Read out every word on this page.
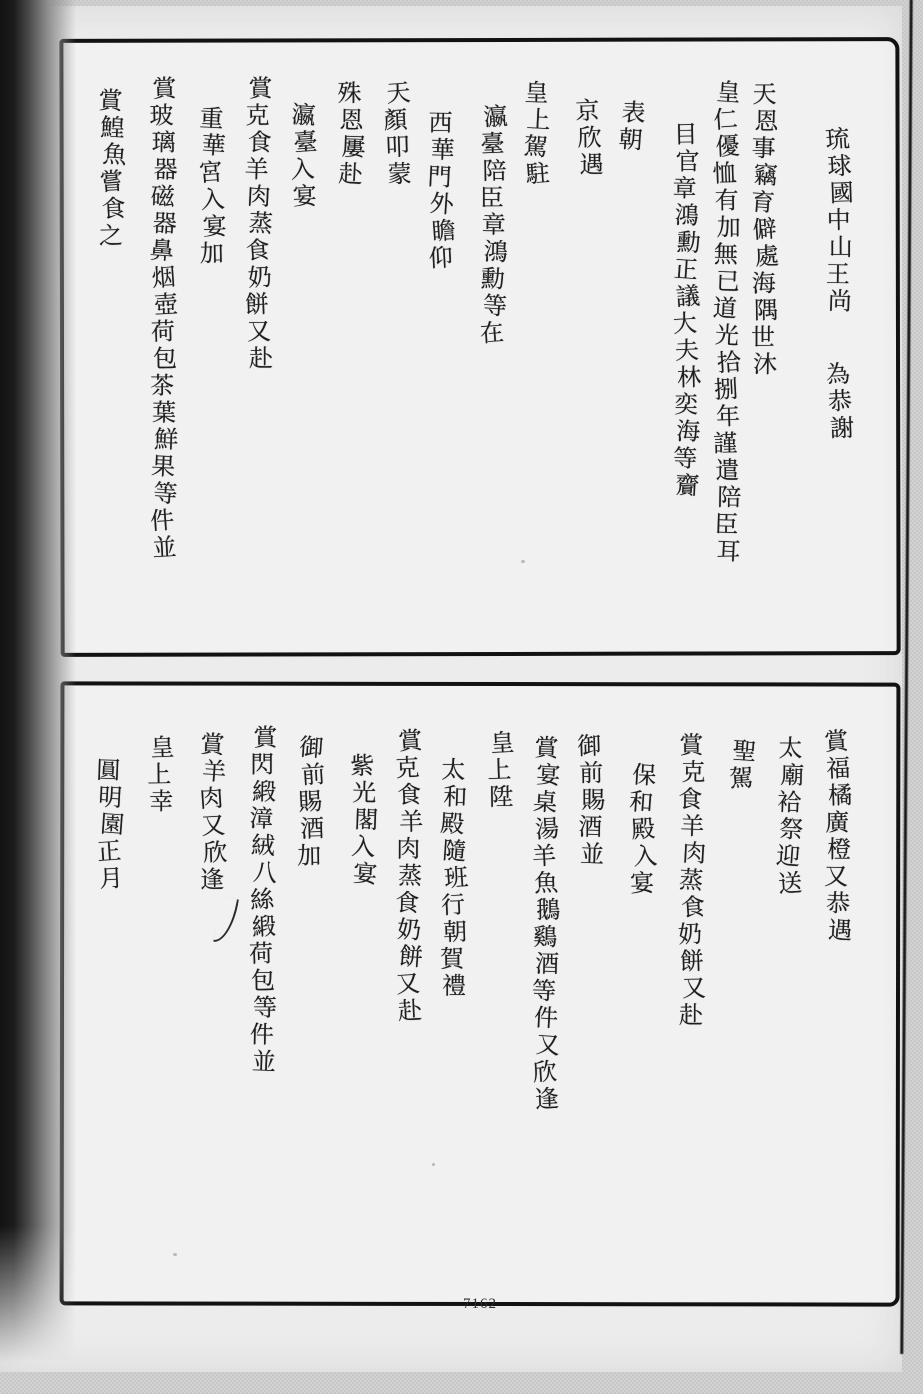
琉
球
國
中
山
王
尚
為
恭
謝
天
恩
事
竊
育
僻
處
海
隅
世
沐
皇
仁
優
恤
有
加
無
已
道
光
拾
捌
年
謹
遣
陪
臣
耳
目
官
章
鴻
勳
正
議
大
夫
林
奕
海
等
齎
表
朝
京
欣
遇
皇
上
駕
駐
瀛
臺
陪
臣
章
鴻
勳
等
在
西
華
門
外
瞻
仰
天
顏
叩
蒙
殊
恩
屢
赴
瀛
臺
入
宴
賞
克
食
羊
肉
蒸
食
奶
餅
又
赴
重
華
宮
入
宴
加
賞
玻
璃
器
磁
器
鼻
烟
壺
荷
包
茶
葉
鮮
果
等
件
並
賞
鰉
魚
嘗
食
之
賞
福
橘
廣
橙
又
恭
遇
太
廟
袷
祭
迎
送
聖
駕
賞
克
食
羊
肉
蒸
食
奶
餅
又
赴
保
和
殿
入
宴
御
前
賜
酒
並
賞
宴
桌
湯
羊
魚
鵝
鷄
酒
等
件
又
欣
逢
皇
上
陞
太
和
殿
隨
班
行
朝
賀
禮
賞
克
食
羊
肉
蒸
食
奶
餅
又
赴
紫
光
閣
入
宴
御
前
賜
酒
加
賞
閃
緞
漳
絨
八
絲
緞
荷
包
等
件
並
賞
羊
肉
又
欣
逢
皇
上
幸
圓
明
園
正
月
7162
